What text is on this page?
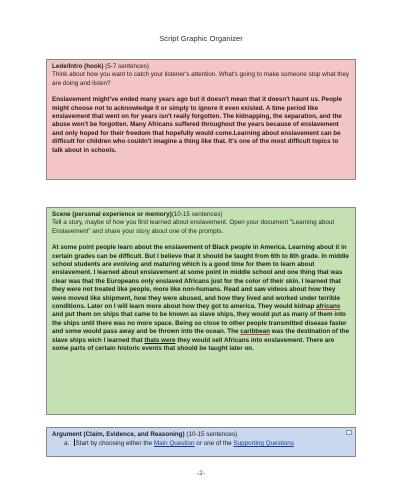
Script Graphic Organizer
Lede/Intro (hook) (5-7 sentences)

Think about how you want to catch your listener's attention. What's going to make someone stop what they are doing and listen?

Enslavement might've ended many years ago but it doesn't mean that it doesn't haunt us. People might choose not to acknowledge it or simply to ignore it even existed. A time period like enslavement that went on for years isn't really forgotten. The kidnapping, the separation, and the abuse won't be forgotten. Many Africans suffered throughout the years because of enslavement and only hoped for their freedom that hopefully would come.Learning about enslavement can be difficult for children who couldn't imagine a thing like that. It's one of the most difficult topics to talk about in schools.

Scene (personal experience or memory)(10-15 sentences)

Tell a story, maybe of how you first learned about enslavement. Open your document "Learning about Enslavement" and share your story about one of the prompts.

At some point people learn about the enslavement of Black people in America. Learning about it in certain grades can be difficult. But I believe that it should be taught from 6th to 8th grade. In middle school students are evolving and maturing which is a good time for them to learn about enslavement. I learned about enslavement at some point in middle school and one thing that was clear was that the Europeans only enslaved Africans just for the color of their skin. I learned that they were not treated like people, more like non-humans. Read and saw videos about how they were moved like shipment, how they were abused, and how they lived and worked under terrible conditions. Later on I will learn more about how they got to america. They would kidnap africans and put them on ships that came to be known as slave ships, they would put as many of them into the ships until there was no more space. Being so close to other people transmitted disease faster and some would pass away and be thrown into the ocean. The caribbean was the destination of the slave ships wich I learned that thats were they would sell Africans into enslavement. There are some parts of certain historic events that should be taught later on.

Argument (Claim, Evidence, and Reasoning) (10-15 sentences)
a. Start by choosing either the Main Question or one of the Supporting Questions
-2-
